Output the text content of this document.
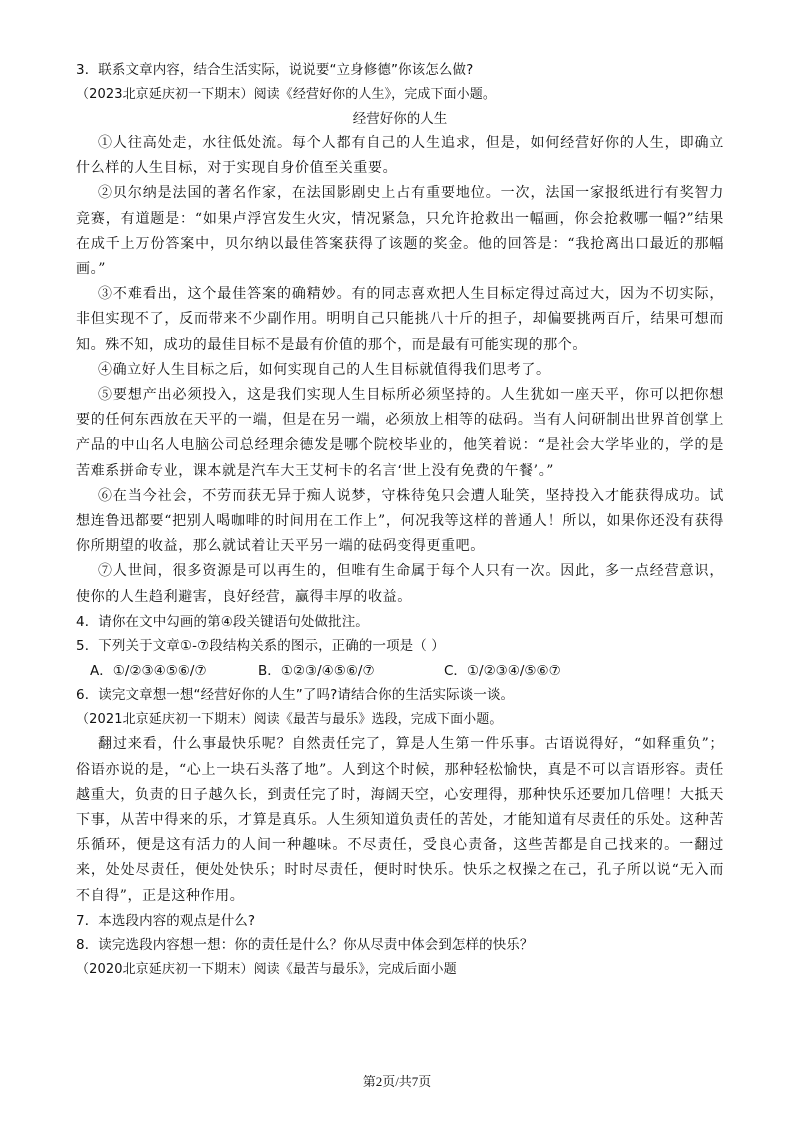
3．联系文章内容，结合生活实际，说说要“立身修德”你该怎么做?
（2023北京延庆初一下期末）阅读《经营好你的人生》，完成下面小题。
经营好你的人生
①人往高处走，水往低处流。每个人都有自己的人生追求，但是，如何经营好你的人生，即确立什么样的人生目标，对于实现自身价值至关重要。
②贝尔纳是法国的著名作家，在法国影剧史上占有重要地位。一次，法国一家报纸进行有奖智力竞赛，有道题是：“如果卢浮宫发生火灾，情况紧急，只允许抢救出一幅画，你会抢救哪一幅?”结果在成千上万份答案中，贝尔纳以最佳答案获得了该题的奖金。他的回答是：“我抢离出口最近的那幅画。”
③不难看出，这个最佳答案的确精妙。有的同志喜欢把人生目标定得过高过大，因为不切实际，非但实现不了，反而带来不少副作用。明明自己只能挑八十斤的担子，却偏要挑两百斤，结果可想而知。殊不知，成功的最佳目标不是最有价值的那个，而是最有可能实现的那个。
④确立好人生目标之后，如何实现自己的人生目标就值得我们思考了。
⑤要想产出必须投入，这是我们实现人生目标所必须坚持的。人生犹如一座天平，你可以把你想要的任何东西放在天平的一端，但是在另一端，必须放上相等的砝码。当有人问研制出世界首创掌上产品的中山名人电脑公司总经理余德发是哪个院校毕业的，他笑着说：“是社会大学毕业的，学的是苦难系拼命专业，课本就是汽车大王艾柯卡的名言‘世上没有免费的午餐’。”
⑥在当今社会，不劳而获无异于痴人说梦，守株待兔只会遭人耻笑，坚持投入才能获得成功。试想连鲁迅都要“把别人喝咖啡的时间用在工作上”，何况我等这样的普通人！所以，如果你还没有获得你所期望的收益，那么就试着让天平另一端的砝码变得更重吧。
⑦人世间，很多资源是可以再生的，但唯有生命属于每个人只有一次。因此，多一点经营意识，使你的人生趋利避害，良好经营，赢得丰厚的收益。
4．请你在文中勾画的第④段关键语句处做批注。
5．下列关于文章①-⑦段结构关系的图示，正确的一项是（ ）
A．①/②③④⑤⑥/⑦	B．①②③/④⑤⑥/⑦	C．①/②③④/⑤⑥⑦
6．读完文章想一想“经营好你的人生”了吗?请结合你的生活实际谈一谈。
（2021北京延庆初一下期末）阅读《最苦与最乐》选段，完成下面小题。
翻过来看，什么事最快乐呢？自然责任完了，算是人生第一件乐事。古语说得好，“如释重负”；俗语亦说的是，“心上一块石头落了地”。人到这个时候，那种轻松愉快，真是不可以言语形容。责任越重大，负责的日子越久长，到责任完了时，海阔天空，心安理得，那种快乐还要加几倍哩！大抵天下事，从苦中得来的乐，才算是真乐。人生须知道负责任的苦处，才能知道有尽责任的乐处。这种苦乐循环，便是这有活力的人间一种趣味。不尽责任，受良心责备，这些苦都是自己找来的。一翻过来，处处尽责任，便处处快乐；时时尽责任，便时时快乐。快乐之权操之在己，孔子所以说“无入而不自得”，正是这种作用。
7．本选段内容的观点是什么?
8．读完选段内容想一想：你的责任是什么？你从尽责中体会到怎样的快乐？
（2020北京延庆初一下期末）阅读《最苦与最乐》，完成后面小题
第2页/共7页
